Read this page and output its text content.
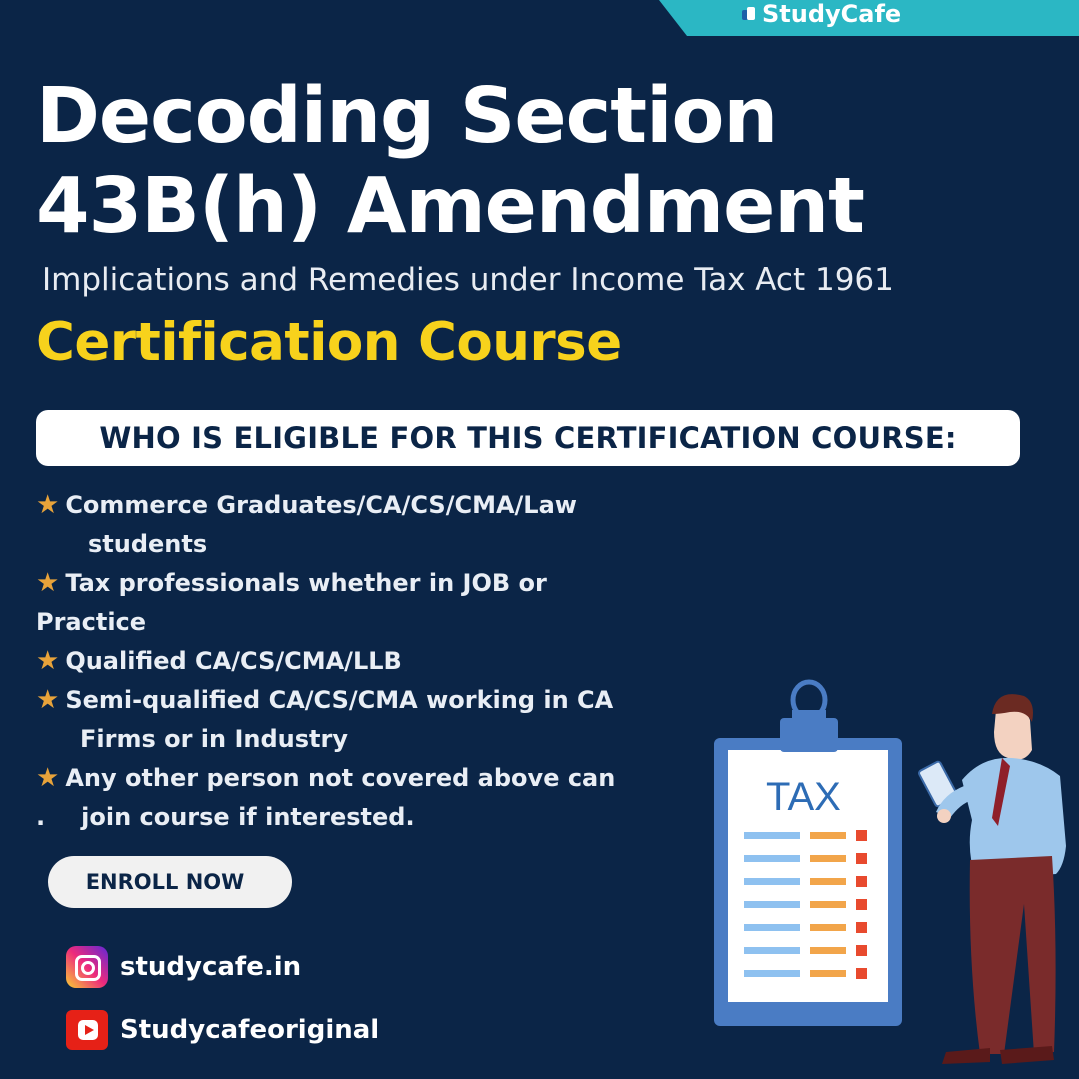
StudyCafe
Decoding Section
43B(h) Amendment
Implications and Remedies under Income Tax Act 1961
Certification Course
WHO IS ELIGIBLE FOR THIS CERTIFICATION COURSE:
★ Commerce Graduates/CA/CS/CMA/Law
students
★ Tax professionals whether in JOB or
Practice
★ Qualified CA/CS/CMA/LLB
★ Semi-qualified CA/CS/CMA working in CA
Firms or in Industry
★ Any other person not covered above can
. join course if interested.
ENROLL NOW
studycafe.in
Studycafeoriginal
TAX
